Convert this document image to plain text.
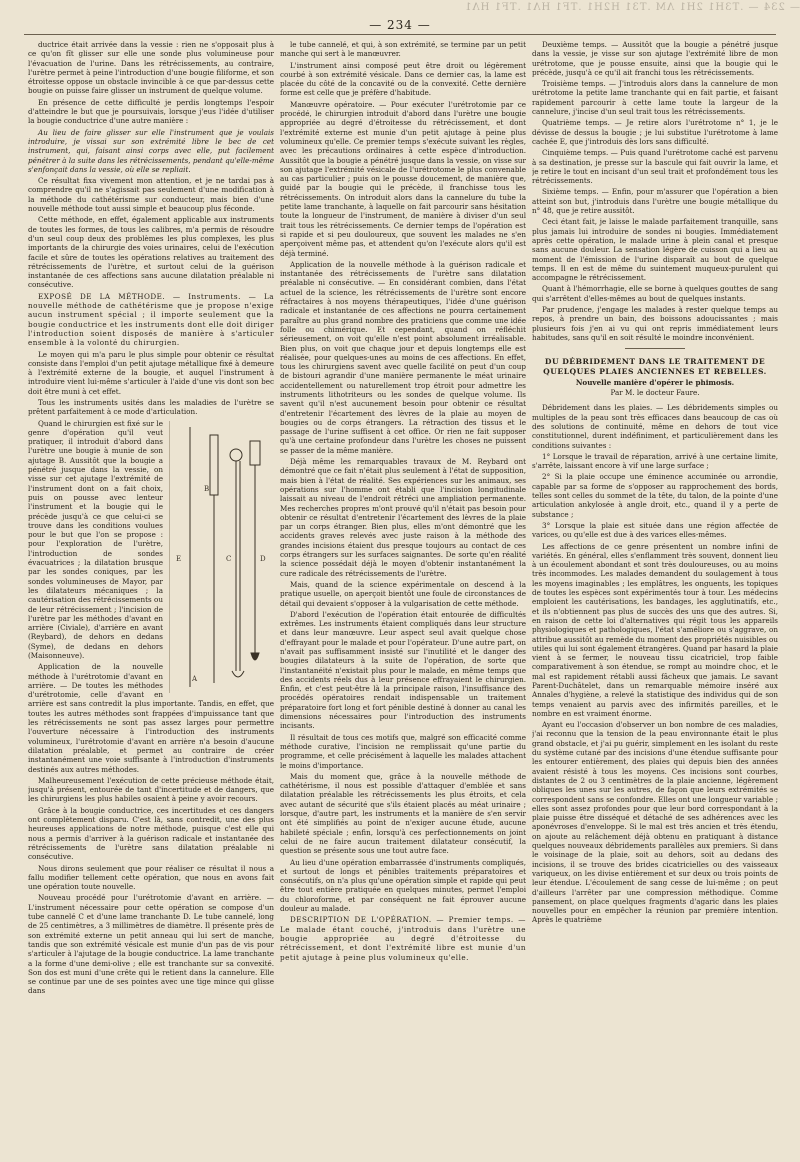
— 234 — .T3H1 2H1 ΛМ .T31 H2H1 .TF1 HΛ1 .TF1 HΛ1
— 234 —

ductrice était arrivée dans la vessie : rien ne s'opposait plus à ce qu'on fît glisser sur elle une sonde plus volumineuse pour l'évacuation de l'urine. Dans les rétrécissements, au contraire, l'urètre permet à peine l'introduction d'une bougie filiforme, et son étroitesse oppose un obstacle invincible à ce que par-dessus cette bougie on puisse faire glisser un instrument de quelque volume.

En présence de cette difficulté je perdis longtemps l'espoir d'atteindre le but que je poursuivais, lorsque j'eus l'idée d'utiliser la bougie conductrice d'une autre manière :

Au lieu de faire glisser sur elle l'instrument que je voulais introduire, je vissai sur son extrémité libre le bec de cet instrument, qui, faisant ainsi corps avec elle, put facilement pénétrer à la suite dans les rétrécissements, pendant qu'elle-même s'enfonçait dans la vessie, où elle se repliait.

Ce résultat fixa vivement mon attention, et je ne tardai pas à comprendre qu'il ne s'agissait pas seulement d'une modification à la méthode du cathétérisme sur conducteur, mais bien d'une nouvelle méthode tout aussi simple et beaucoup plus féconde.

Cette méthode, en effet, également applicable aux instruments de toutes les formes, de tous les calibres, m'a permis de résoudre d'un seul coup deux des problèmes les plus complexes, les plus importants de la chirurgie des voies urinaires, celui de l'exécution facile et sûre de toutes les opérations relatives au traitement des rétrécissements de l'urètre, et surtout celui de la guérison instantanée de ces affections sans aucune dilatation préalable ni consécutive.

EXPOSÉ DE LA MÉTHODE. — Instruments. — La nouvelle méthode de cathétérisme que je propose n'exige aucun instrument spécial ; il importe seulement que la bougie conductrice et les instruments dont elle doit diriger l'introduction soient disposés de manière à s'articuler ensemble à la volonté du chirurgien.

Le moyen qui m'a paru le plus simple pour obtenir ce résultat consiste dans l'emploi d'un petit ajutage métallique fixé à demeure à l'extrémité externe de la bougie, et auquel l'instrument à introduire vient lui-même s'articuler à l'aide d'une vis dont son bec doit être muni à cet effet.

Tous les instruments usités dans les maladies de l'urètre se prêtent parfaitement à ce mode d'articulation.

A
B
C	D
E

Quand le chirurgien est fixé sur le genre d'opération qu'il veut pratiquer, il introduit d'abord dans l'urètre une bougie à munie de son ajutage B. Aussitôt que la bougie a pénétré jusque dans la vessie, on visse sur cet ajutage l'extrémité de l'instrument dont on a fait choix, puis on pousse avec lenteur l'instrument et la bougie qui le précède jusqu'à ce que celui-ci se trouve dans les conditions voulues pour le but que l'on se propose : pour l'exploration de l'urètre, l'introduction de sondes évacuatrices ; la dilatation brusque par les sondes coniques, par les sondes volumineuses de Mayor, par les dilatateurs mécaniques ; la cautérisation des rétrécissements ou de leur rétrécissement ; l'incision de l'urètre par les méthodes d'avant en arrière (Civiale), d'arrière en avant (Reybard), de dehors en dedans (Syme), de dedans en dehors (Maisonneuve).

Application de la nouvelle méthode à l'urétrotomie d'avant en arrière. — De toutes les méthodes d'urétrotomie, celle d'avant en arrière est sans contredit la plus importante. Tandis, en effet, que toutes les autres méthodes sont frappées d'impuissance tant que les rétrécissements ne sont pas assez larges pour permettre l'ouverture nécessaire à l'introduction des instruments volumineux, l'urétrotomie d'avant en arrière n'a besoin d'aucune dilatation préalable, et permet au contraire de créer instantanément une voie suffisante à l'introduction d'instruments destinés aux autres méthodes.

Malheureusement l'exécution de cette précieuse méthode était, jusqu'à présent, entourée de tant d'incertitude et de dangers, que les chirurgiens les plus habiles osaient à peine y avoir recours.

Grâce à la bougie conductrice, ces incertitudes et ces dangers ont complètement disparu. C'est là, sans contredit, une des plus heureuses applications de notre méthode, puisque c'est elle qui nous a permis d'arriver à la guérison radicale et instantanée des rétrécissements de l'urètre sans dilatation préalable ni consécutive.

Nous dirons seulement que pour réaliser ce résultat il nous a fallu modifier tellement cette opération, que nous en avons fait une opération toute nouvelle.

Nouveau procédé pour l'urétrotomie d'avant en arrière. — L'instrument nécessaire pour cette opération se compose d'un tube cannelé C et d'une lame tranchante D. Le tube cannelé, long de 25 centimètres, a 3 millimètres de diamètre. Il présente près de son extrémité externe un petit anneau qui lui sert de manche, tandis que son extrémité vésicale est munie d'un pas de vis pour s'articuler à l'ajutage de la bougie conductrice. La lame tranchante a la forme d'une demi-olive ; elle est tranchante sur sa convexité. Son dos est muni d'une crête qui le retient dans la cannelure. Elle se continue par une de ses pointes avec une tige mince qui glisse dans

le tube cannelé, et qui, à son extrémité, se termine par un petit manche qui sert à le manœuvrer.

L'instrument ainsi composé peut être droit ou légèrement courbé à son extrémité vésicale. Dans ce dernier cas, la lame est placée du côté de la concavité ou de la convexité. Cette dernière forme est celle que je préfère d'habitude.

Manœuvre opératoire. — Pour exécuter l'urétrotomie par ce procédé, le chirurgien introduit d'abord dans l'urètre une bougie appropriée au degré d'étroitesse du rétrécissement, et dont l'extrémité externe est munie d'un petit ajutage à peine plus volumineux qu'elle. Ce premier temps s'exécute suivant les règles, avec les précautions ordinaires à cette espèce d'introduction. Aussitôt que la bougie a pénétré jusque dans la vessie, on visse sur son ajutage l'extrémité vésicale de l'urétrotome le plus convenable au cas particulier ; puis on le pousse doucement, de manière que, guidé par la bougie qui le précède, il franchisse tous les rétrécissements. On introduit alors dans la cannelure du tube la petite lame tranchante, à laquelle on fait parcourir sans hésitation toute la longueur de l'instrument, de manière à diviser d'un seul trait tous les rétrécissements. Ce dernier temps de l'opération est si rapide et si peu douloureux, que souvent les malades ne s'en aperçoivent même pas, et attendent qu'on l'exécute alors qu'il est déjà terminé.

Application de la nouvelle méthode à la guérison radicale et instantanée des rétrécissements de l'urètre sans dilatation préalable ni consécutive. — En considérant combien, dans l'état actuel de la science, les rétrécissements de l'urètre sont encore réfractaires à nos moyens thérapeutiques, l'idée d'une guérison radicale et instantanée de ces affections ne pourra certainement paraître au plus grand nombre des praticiens que comme une idée folle ou chimérique. Et cependant, quand on réfléchit sérieusement, on voit qu'elle n'est point absolument irréalisable. Bien plus, on voit que chaque jour et depuis longtemps elle est réalisée, pour quelques-unes au moins de ces affections. En effet, tous les chirurgiens savent avec quelle facilité on peut d'un coup de bistouri agrandir d'une manière permanente le méat urinaire accidentellement ou naturellement trop étroit pour admettre les instruments lithotriteurs ou les sondes de quelque volume. Ils savent qu'il n'est aucunement besoin pour obtenir ce résultat d'entretenir l'écartement des lèvres de la plaie au moyen de bougies ou de corps étrangers. La rétraction des tissus et le passage de l'urine suffisent à cet office. Or rien ne fait supposer qu'à une certaine profondeur dans l'urètre les choses ne puissent se passer de la même manière.

Déjà même les remarquables travaux de M. Reybard ont démontré que ce fait n'était plus seulement à l'état de supposition, mais bien à l'état de réalité. Ses expériences sur les animaux, ses opérations sur l'homme ont établi que l'incision longitudinale laissait au niveau de l'endroit rétréci une ampliation permanente. Mes recherches propres m'ont prouvé qu'il n'était pas besoin pour obtenir ce résultat d'entretenir l'écartement des lèvres de la plaie par un corps étranger. Bien plus, elles m'ont démontré que les accidents graves relevés avec juste raison à la méthode des grandes incisions étaient dus presque toujours au contact de ces corps étrangers sur les surfaces saignantes. De sorte qu'en réalité la science possédait déjà le moyen d'obtenir instantanément la cure radicale des rétrécissements de l'urètre.

Mais, quand de la science expérimentale on descend à la pratique usuelle, on aperçoit bientôt une foule de circonstances de détail qui devaient s'opposer à la vulgarisation de cette méthode.

D'abord l'exécution de l'opération était entourée de difficultés extrêmes. Les instruments étaient compliqués dans leur structure et dans leur manœuvre. Leur aspect seul avait quelque chose d'effrayant pour le malade et pour l'opérateur. D'une autre part, on n'avait pas suffisamment insisté sur l'inutilité et le danger des bougies dilatateurs à la suite de l'opération, de sorte que l'instantanéité n'existait plus pour le malade, en même temps que des accidents réels dus à leur présence effrayaient le chirurgien. Enfin, et c'est peut-être là la principale raison, l'insuffisance des procédés opératoires rendait indispensable un traitement préparatoire fort long et fort pénible destiné à donner au canal les dimensions nécessaires pour l'introduction des instruments incisants.

Il résultait de tous ces motifs que, malgré son efficacité comme méthode curative, l'incision ne remplissait qu'une partie du programme, et celle précisément à laquelle les malades attachent le moins d'importance.

Mais du moment que, grâce à la nouvelle méthode de cathétérisme, il nous est possible d'attaquer d'emblée et sans dilatation préalable les rétrécissements les plus étroits, et cela avec autant de sécurité que s'ils étaient placés au méat urinaire ; lorsque, d'autre part, les instruments et la manière de s'en servir ont été simplifiés au point de n'exiger aucune étude, aucune habileté spéciale ; enfin, lorsqu'à ces perfectionnements on joint celui de ne faire aucun traitement dilatateur consécutif, la question se présente sous une tout autre face.

Au lieu d'une opération embarrassée d'instruments compliqués, et surtout de longs et pénibles traitements préparatoires et consécutifs, on n'a plus qu'une opération simple et rapide qui peut être tout entière pratiquée en quelques minutes, permet l'emploi du chloroforme, et par conséquent ne fait éprouver aucune douleur au malade.

DESCRIPTION DE L'OPÉRATION. — Premier temps. — Le malade étant couché, j'introduis dans l'urètre une bougie appropriée au degré d'étroitesse du rétrécissement, et dont l'extrémité libre est munie d'un petit ajutage à peine plus volumineux qu'elle.

Deuxième temps. — Aussitôt que la bougie a pénétré jusque dans la vessie, je visse sur son ajutage l'extrémité libre de mon urétrotome, que je pousse ensuite, ainsi que la bougie qui le précède, jusqu'à ce qu'il ait franchi tous les rétrécissements.

Troisième temps. — J'introduis alors dans la cannelure de mon urétrotome la petite lame tranchante qui en fait partie, et faisant rapidement parcourir à cette lame toute la largeur de la cannelure, j'incise d'un seul trait tous les rétrécissements.

Quatrième temps. — Je retire alors l'urétrotome n° 1, je le dévisse de dessus la bougie ; je lui substitue l'urétrotome à lame cachée E, que j'introduis dès lors sans difficulté.

Cinquième temps. — Puis quand l'urétrotome caché est parvenu à sa destination, je presse sur la bascule qui fait ouvrir la lame, et je retire le tout en incisant d'un seul trait et profondément tous les rétrécissements.

Sixième temps. — Enfin, pour m'assurer que l'opération a bien atteint son but, j'introduis dans l'urètre une bougie métallique du n° 48, que je retire aussitôt.

Ceci étant fait, je laisse le malade parfaitement tranquille, sans plus jamais lui introduire de sondes ni bougies. Immédiatement après cette opération, le malade urine à plein canal et presque sans aucune douleur. La sensation légère de cuisson qui a lieu au moment de l'émission de l'urine disparaît au bout de quelque temps. Il en est de même du suintement muqueux-purulent qui accompagne le rétrécissement.

Quant à l'hémorrhagie, elle se borne à quelques gouttes de sang qui s'arrêtent d'elles-mêmes au bout de quelques instants.

Par prudence, j'engage les malades à rester quelque temps au repos, à prendre un bain, des boissons adoucissantes ; mais plusieurs fois j'en ai vu qui ont repris immédiatement leurs habitudes, sans qu'il en soit résulté le moindre inconvénient.

DU DÉBRIDEMENT DANS LE TRAITEMENT DE QUELQUES PLAIES ANCIENNES ET REBELLES.
Nouvelle manière d'opérer le phimosis.
Par M. le docteur Faure.

Débridement dans les plaies. — Les débridements simples ou multiples de la peau sont très efficaces dans beaucoup de cas où des solutions de continuité, même en dehors de tout vice constitutionnel, durent indéfiniment, et particulièrement dans les conditions suivantes :

1° Lorsque le travail de réparation, arrivé à une certaine limite, s'arrête, laissant encore à vif une large surface ;

2° Si la plaie occupe une éminence accuminée ou arrondie, capable par sa forme de s'opposer au rapprochement des bords, telles sont celles du sommet de la tête, du talon, de la pointe d'une articulation ankylosée à angle droit, etc., quand il y a perte de substance ;

3° Lorsque la plaie est située dans une région affectée de varices, ou qu'elle est due à des varices elles-mêmes.

Les affections de ce genre présentent un nombre infini de variétés. En général, elles s'enflamment très souvent, donnent lieu à un écoulement abondant et sont très douloureuses, ou au moins très incommodes. Les malades demandent du soulagement à tous les moyens imaginables ; les emplâtres, les onguents, les topiques de toutes les espèces sont expérimentés tour à tour. Les médecins emploient les cautérisations, les bandages, les agglutinatifs, etc., et ils n'obtiennent pas plus de succès des uns que des autres. Si, en raison de cette loi d'alternatives qui régit tous les appareils physiologiques et pathologiques, l'état s'améliore ou s'aggrave, on attribue aussitôt au remède du moment des propriétés nuisibles ou utiles qui lui sont également étrangères. Quand par hasard la plaie vient à se fermer, le nouveau tissu cicatriciel, trop faible comparativement à son étendue, se rompt au moindre choc, et le mal est rapidement rétabli aussi fâcheux que jamais. Le savant Parent-Duchâtelet, dans un remarquable mémoire inséré aux Annales d'hygiène, a relevé la statistique des individus qui de son temps venaient au parvis avec des infirmités pareilles, et le nombre en est vraiment énorme.

Ayant eu l'occasion d'observer un bon nombre de ces maladies, j'ai reconnu que la tension de la peau environnante était le plus grand obstacle, et j'ai pu guérir, simplement en les isolant du reste du système cutané par des incisions d'une étendue suffisante pour les entourer entièrement, des plaies qui depuis bien des années avaient résisté à tous les moyens. Ces incisions sont courbes, distantes de 2 ou 3 centimètres de la plaie ancienne, légèrement obliques les unes sur les autres, de façon que leurs extrémités se correspondent sans se confondre. Elles ont une longueur variable ; elles sont assez profondes pour que leur bord correspondant à la plaie puisse être disséqué et détaché de ses adhérences avec les aponévroses d'enveloppe. Si le mal est très ancien et très étendu, on ajoute au relâchement déjà obtenu en pratiquant à distance quelques nouveaux débridements parallèles aux premiers. Si dans le voisinage de la plaie, soit au dehors, soit au dedans des incisions, il se trouve des brides cicatricielles ou des vaisseaux variqueux, on les divise entièrement et sur deux ou trois points de leur étendue. L'écoulement de sang cesse de lui-même ; on peut d'ailleurs l'arrêter par une compression méthodique. Comme pansement, on place quelques fragments d'agaric dans les plaies nouvelles pour en empêcher la réunion par première intention. Après le quatrième
